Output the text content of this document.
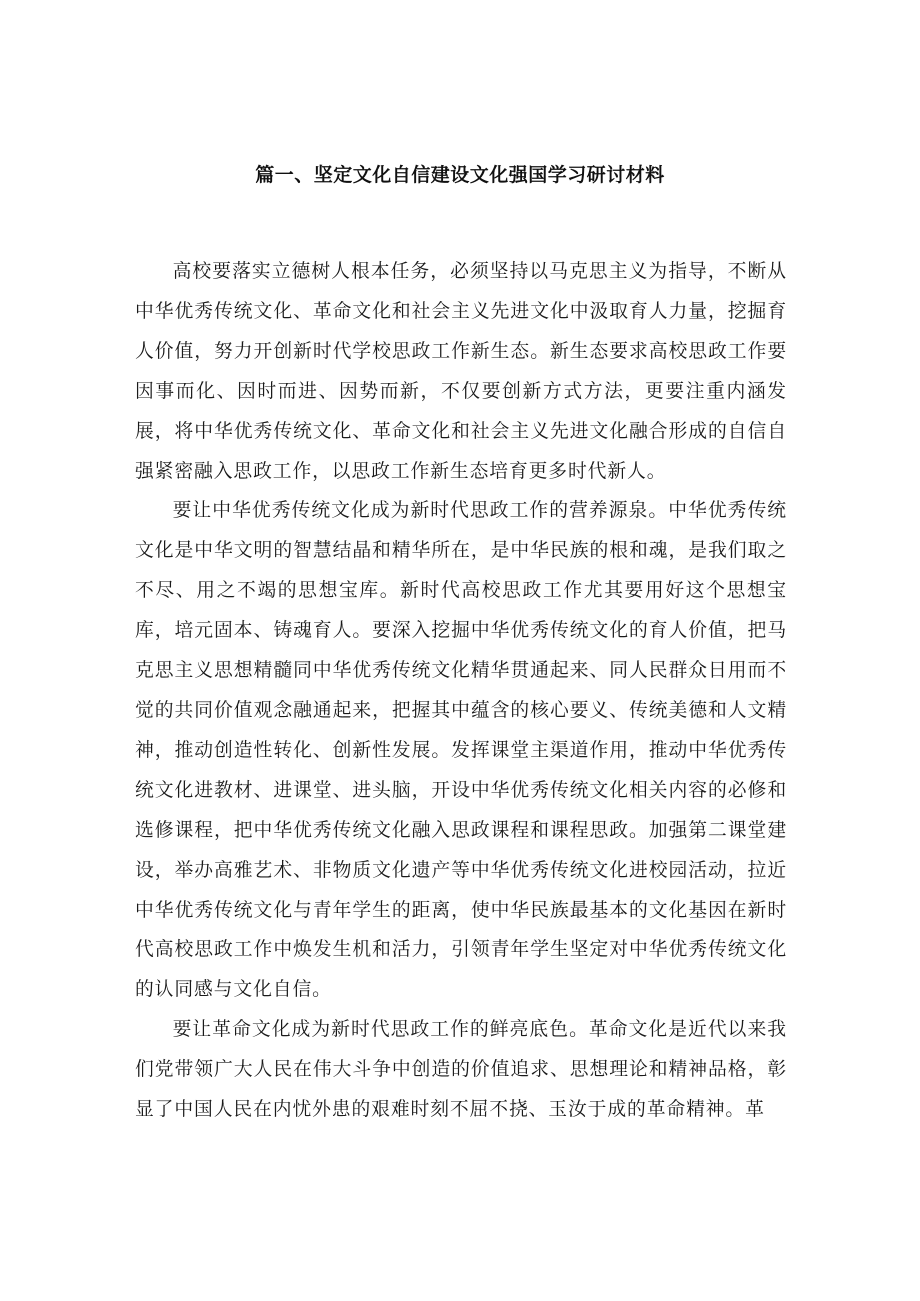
篇一、坚定文化自信建设文化强国学习研讨材料

高校要落实立德树人根本任务，必须坚持以马克思主义为指导，不断从中华优秀传统文化、革命文化和社会主义先进文化中汲取育人力量，挖掘育人价值，努力开创新时代学校思政工作新生态。新生态要求高校思政工作要因事而化、因时而进、因势而新，不仅要创新方式方法，更要注重内涵发展，将中华优秀传统文化、革命文化和社会主义先进文化融合形成的自信自强紧密融入思政工作，以思政工作新生态培育更多时代新人。

要让中华优秀传统文化成为新时代思政工作的营养源泉。中华优秀传统文化是中华文明的智慧结晶和精华所在，是中华民族的根和魂，是我们取之不尽、用之不竭的思想宝库。新时代高校思政工作尤其要用好这个思想宝库，培元固本、铸魂育人。要深入挖掘中华优秀传统文化的育人价值，把马克思主义思想精髓同中华优秀传统文化精华贯通起来、同人民群众日用而不觉的共同价值观念融通起来，把握其中蕴含的核心要义、传统美德和人文精神，推动创造性转化、创新性发展。发挥课堂主渠道作用，推动中华优秀传统文化进教材、进课堂、进头脑，开设中华优秀传统文化相关内容的必修和选修课程，把中华优秀传统文化融入思政课程和课程思政。加强第二课堂建设，举办高雅艺术、非物质文化遗产等中华优秀传统文化进校园活动，拉近中华优秀传统文化与青年学生的距离，使中华民族最基本的文化基因在新时代高校思政工作中焕发生机和活力，引领青年学生坚定对中华优秀传统文化的认同感与文化自信。

要让革命文化成为新时代思政工作的鲜亮底色。革命文化是近代以来我们党带领广大人民在伟大斗争中创造的价值追求、思想理论和精神品格，彰显了中国人民在内忧外患的艰难时刻不屈不挠、玉汝于成的革命精神。革
